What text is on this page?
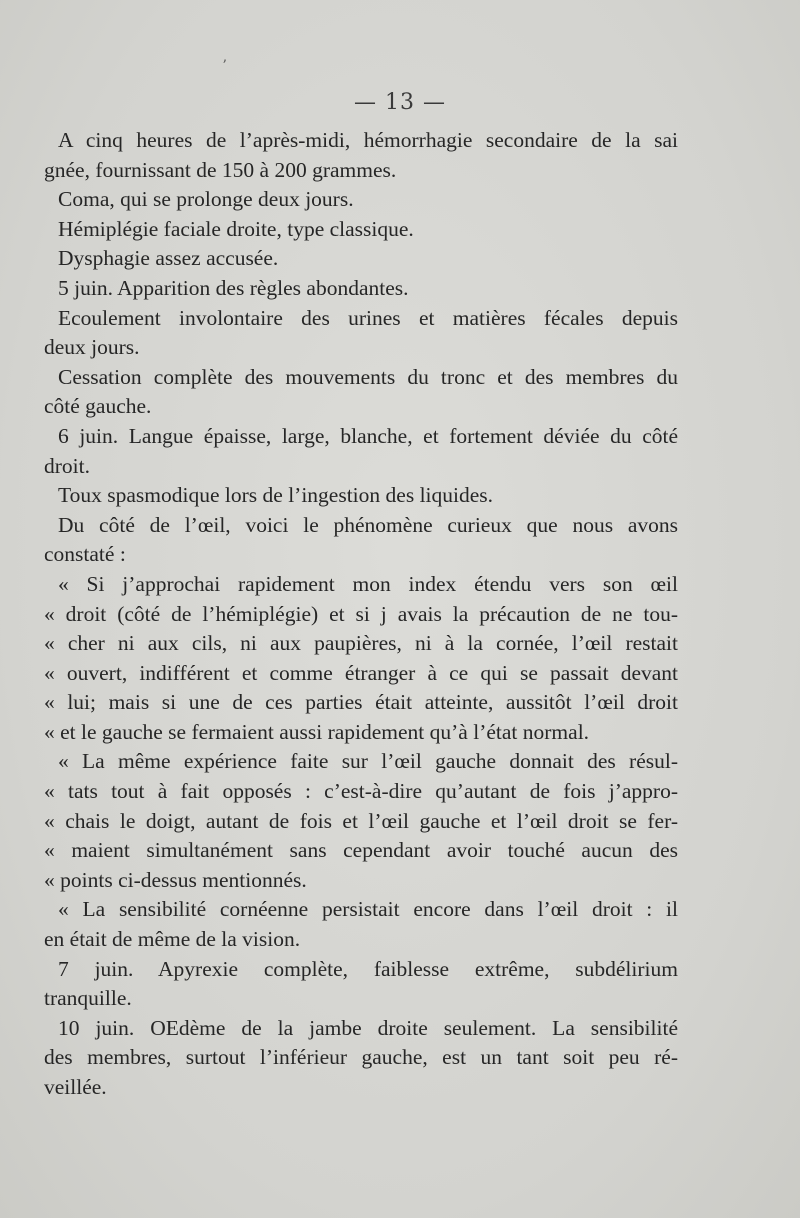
ʼ
— 13 —
A cinq heures de l’après-midi, hémorrhagie secondaire de la sai
gnée, fournissant de 150 à 200 grammes.
Coma, qui se prolonge deux jours.
Hémiplégie faciale droite, type classique.
Dysphagie assez accusée.
5 juin. Apparition des règles abondantes.
Ecoulement involontaire des urines et matières fécales depuis
deux jours.
Cessation complète des mouvements du tronc et des membres du
côté gauche.
6 juin. Langue épaisse, large, blanche, et fortement déviée du côté
droit.
Toux spasmodique lors de l’ingestion des liquides.
Du côté de l’œil, voici le phénomène curieux que nous avons
constaté :
« Si j’approchai rapidement mon index étendu vers son œil
« droit (côté de l’hémiplégie) et si j avais la précaution de ne tou-
« cher ni aux cils, ni aux paupières, ni à la cornée, l’œil restait
« ouvert, indifférent et comme étranger à ce qui se passait devant
« lui; mais si une de ces parties était atteinte, aussitôt l’œil droit
« et le gauche se fermaient aussi rapidement qu’à l’état normal.
« La même expérience faite sur l’œil gauche donnait des résul-
« tats tout à fait opposés : c’est-à-dire qu’autant de fois j’appro-
« chais le doigt, autant de fois et l’œil gauche et l’œil droit se fer-
« maient simultanément sans cependant avoir touché aucun des
« points ci-dessus mentionnés.
« La sensibilité cornéenne persistait encore dans l’œil droit : il
en était de même de la vision.
7 juin. Apyrexie complète, faiblesse extrême, subdélirium
tranquille.
10 juin. OEdème de la jambe droite seulement. La sensibilité
des membres, surtout l’inférieur gauche, est un tant soit peu ré-
veillée.
